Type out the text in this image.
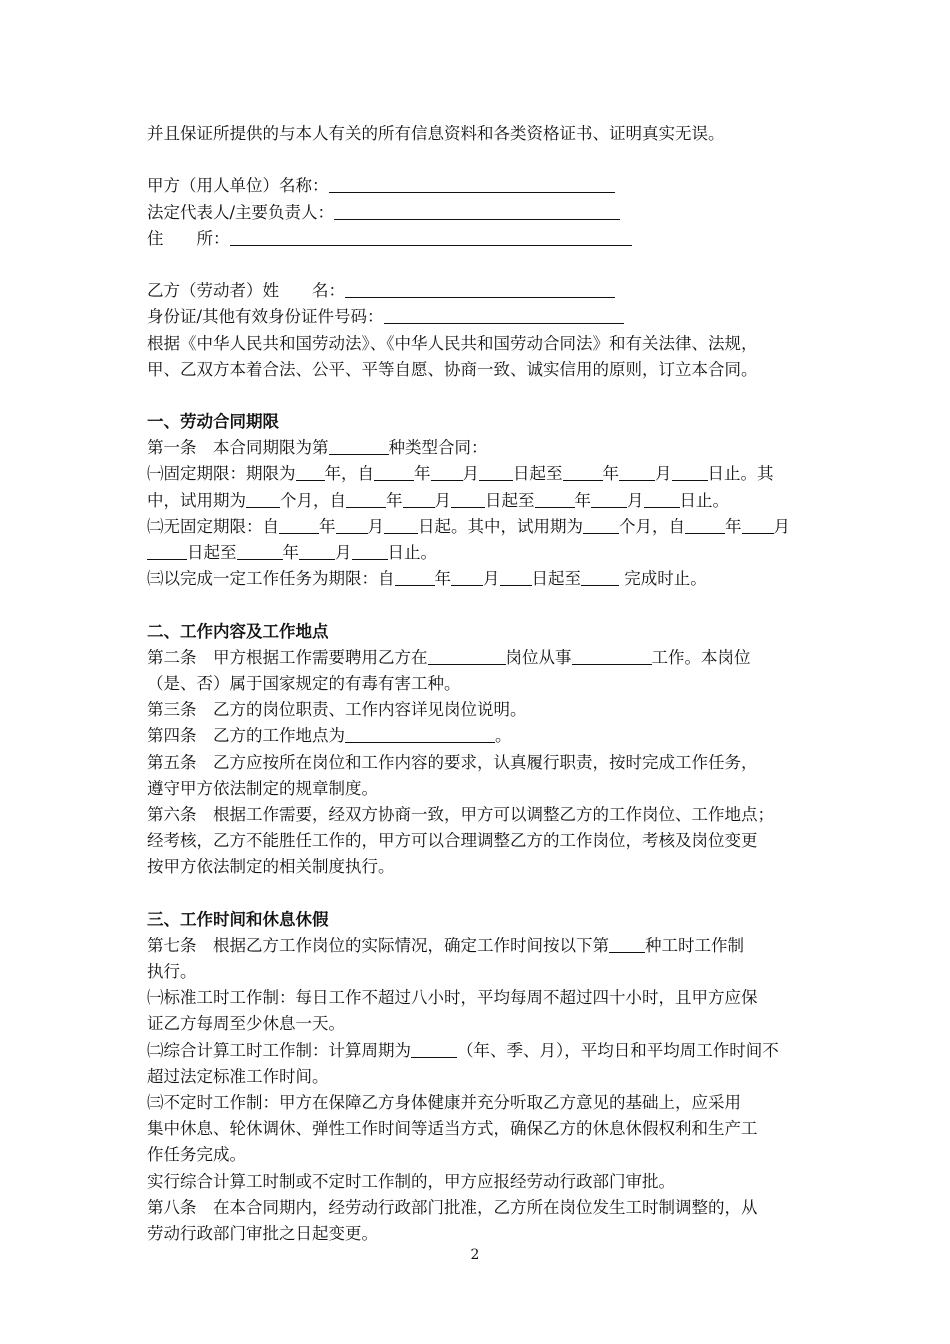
并且保证所提供的与本人有关的所有信息资料和各类资格证书、证明真实无误。
甲方（用人单位）名称：
法定代表人/主要负责人：
住　　所：
乙方（劳动者）姓　　名：
身份证/其他有效身份证件号码：
根据《中华人民共和国劳动法》、《中华人民共和国劳动合同法》和有关法律、法规，
甲、乙双方本着合法、公平、平等自愿、协商一致、诚实信用的原则，订立本合同。
一、劳动合同期限
第一条　本合同期限为第	种类型合同：
㈠固定期限：期限为 年，自 年 月 日起至 年 月 日止。其
中，试用期为 个月，自 年 月 日起至 年 月 日止。
㈡无固定期限：自 年 月 日起。其中，试用期为 个月，自 年 月
日起至	年 月 日止。
㈢以完成一定工作任务为期限：自 年 月 日起至 完成时止。
二、工作内容及工作地点
第二条　甲方根据工作需要聘用乙方在	岗位从事	工作。本岗位
（是、否）属于国家规定的有毒有害工种。
第三条　乙方的岗位职责、工作内容详见岗位说明。
第四条　乙方的工作地点为	。
第五条　乙方应按所在岗位和工作内容的要求，认真履行职责，按时完成工作任务，
遵守甲方依法制定的规章制度。
第六条　根据工作需要，经双方协商一致，甲方可以调整乙方的工作岗位、工作地点；
经考核，乙方不能胜任工作的，甲方可以合理调整乙方的工作岗位，考核及岗位变更
按甲方依法制定的相关制度执行。
三、工作时间和休息休假
第七条　根据乙方工作岗位的实际情况，确定工作时间按以下第 种工时工作制
执行。
㈠标准工时工作制：每日工作不超过八小时，平均每周不超过四十小时，且甲方应保
证乙方每周至少休息一天。
㈡综合计算工时工作制：计算周期为	（年、季、月），平均日和平均周工作时间不
超过法定标准工作时间。
㈢不定时工作制：甲方在保障乙方身体健康并充分听取乙方意见的基础上，应采用
集中休息、轮休调休、弹性工作时间等适当方式，确保乙方的休息休假权利和生产工
作任务完成。
实行综合计算工时制或不定时工作制的，甲方应报经劳动行政部门审批。
第八条　在本合同期内，经劳动行政部门批准，乙方所在岗位发生工时制调整的，从
劳动行政部门审批之日起变更。
2
